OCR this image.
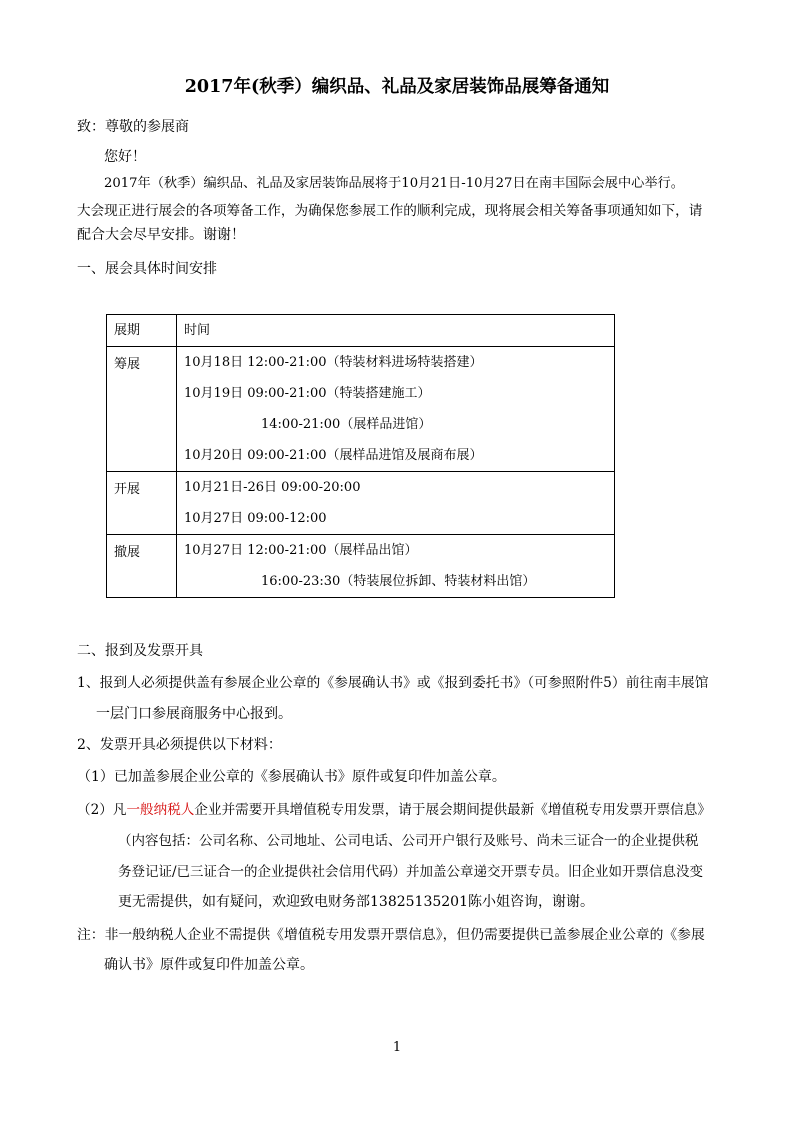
2017年(秋季）编织品、礼品及家居装饰品展筹备通知
致：尊敬的参展商
您好！
2017年（秋季）编织品、礼品及家居装饰品展将于10月21日-10月27日在南丰国际会展中心举行。
大会现正进行展会的各项筹备工作，为确保您参展工作的顺利完成，现将展会相关筹备事项通知如下，请
配合大会尽早安排。谢谢！
一、展会具体时间安排
展期	时间

筹展	10月18日 12:00-21:00（特装材料进场特装搭建）
10月19日 09:00-21:00（特装搭建施工）
14:00-21:00（展样品进馆）
10月20日 09:00-21:00（展样品进馆及展商布展）

开展	10月21日-26日 09:00-20:00
10月27日 09:00-12:00

撤展	10月27日 12:00-21:00（展样品出馆）
16:00-23:30（特装展位拆卸、特装材料出馆）
二、报到及发票开具
1、报到人必须提供盖有参展企业公章的《参展确认书》或《报到委托书》（可参照附件5）前往南丰展馆
一层门口参展商服务中心报到。
2、发票开具必须提供以下材料：
（1）已加盖参展企业公章的《参展确认书》原件或复印件加盖公章。
（2）凡一般纳税人企业并需要开具增值税专用发票，请于展会期间提供最新《增值税专用发票开票信息》
（内容包括：公司名称、公司地址、公司电话、公司开户银行及账号、尚未三证合一的企业提供税
务登记证/已三证合一的企业提供社会信用代码）并加盖公章递交开票专员。旧企业如开票信息没变
更无需提供，如有疑问，欢迎致电财务部13825135201陈小姐咨询，谢谢。
注：非一般纳税人企业不需提供《增值税专用发票开票信息》，但仍需要提供已盖参展企业公章的《参展
确认书》原件或复印件加盖公章。
1
